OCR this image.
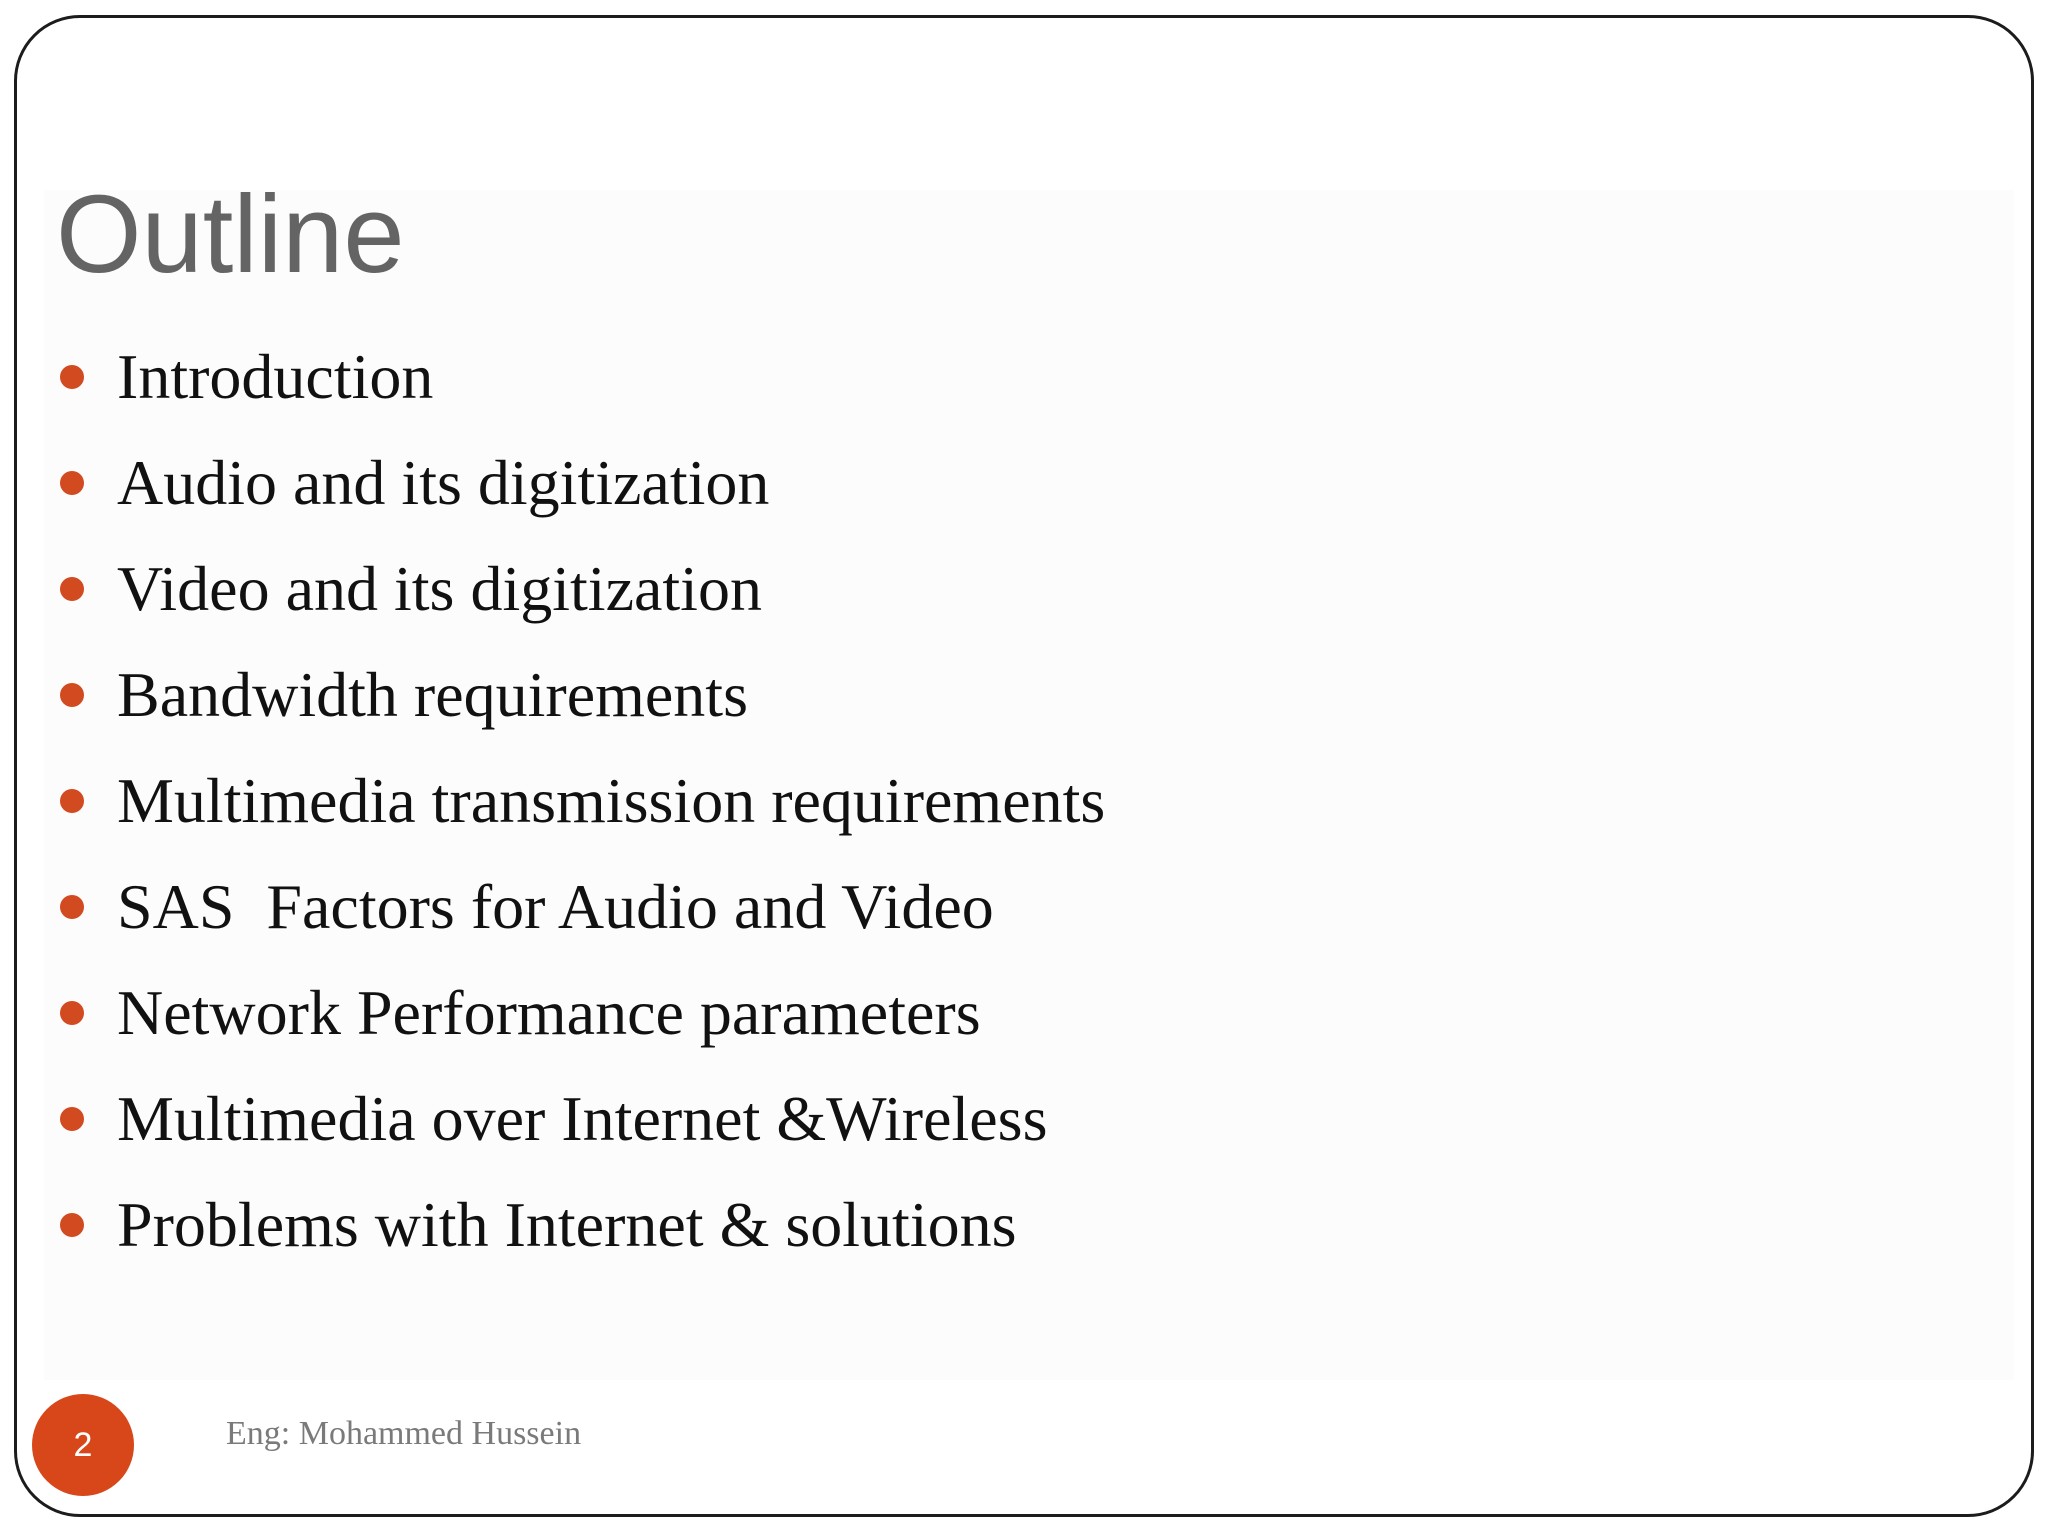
Outline
Introduction
Audio and its digitization
Video and its digitization
Bandwidth requirements
Multimedia transmission requirements
SAS  Factors for Audio and Video
Network Performance parameters
Multimedia over Internet &Wireless
Problems with Internet & solutions
2	Eng: Mohammed Hussein
